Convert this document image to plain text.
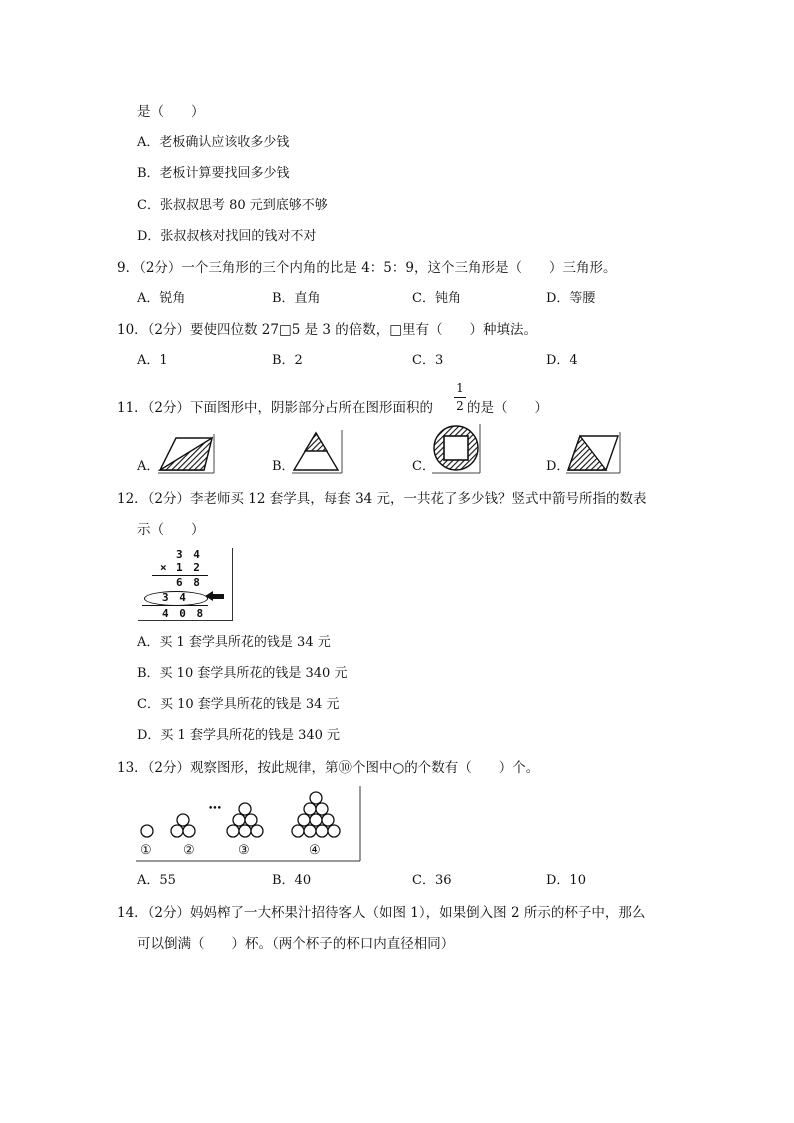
是（　　）
A．老板确认应该收多少钱
B．老板计算要找回多少钱
C．张叔叔思考 80 元到底够不够
D．张叔叔核对找回的钱对不对
9．（2分）一个三角形的三个内角的比是 4：5：9，这个三角形是（　　）三角形。
A．锐角	B．直角	C．钝角	D．等腰
10．（2分）要使四位数 27□5 是 3 的倍数，□里有（　　）种填法。
A．1	B．2	C．3	D．4
11．（2分）下面图形中，阴影部分占所在图形面积的
1
2 的是（　　）
A．	B．	C．	D．
12．（2分）李老师买 12 套学具，每套 34 元，一共花了多少钱？竖式中箭号所指的数表
示（　　）
3 4
× 1 2
6 8
3 4
4 0 8
A．买 1 套学具所花的钱是 34 元
B．买 10 套学具所花的钱是 340 元
C．买 10 套学具所花的钱是 34 元
D．买 1 套学具所花的钱是 340 元
13．（2分）观察图形，按此规律，第⑩个图中○的个数有（　　）个。
•••
① ②	③	④
A．55	B．40	C．36	D．10
14．（2分）妈妈榨了一大杯果汁招待客人（如图 1），如果倒入图 2 所示的杯子中，那么
可以倒满（　　）杯。（两个杯子的杯口内直径相同）
